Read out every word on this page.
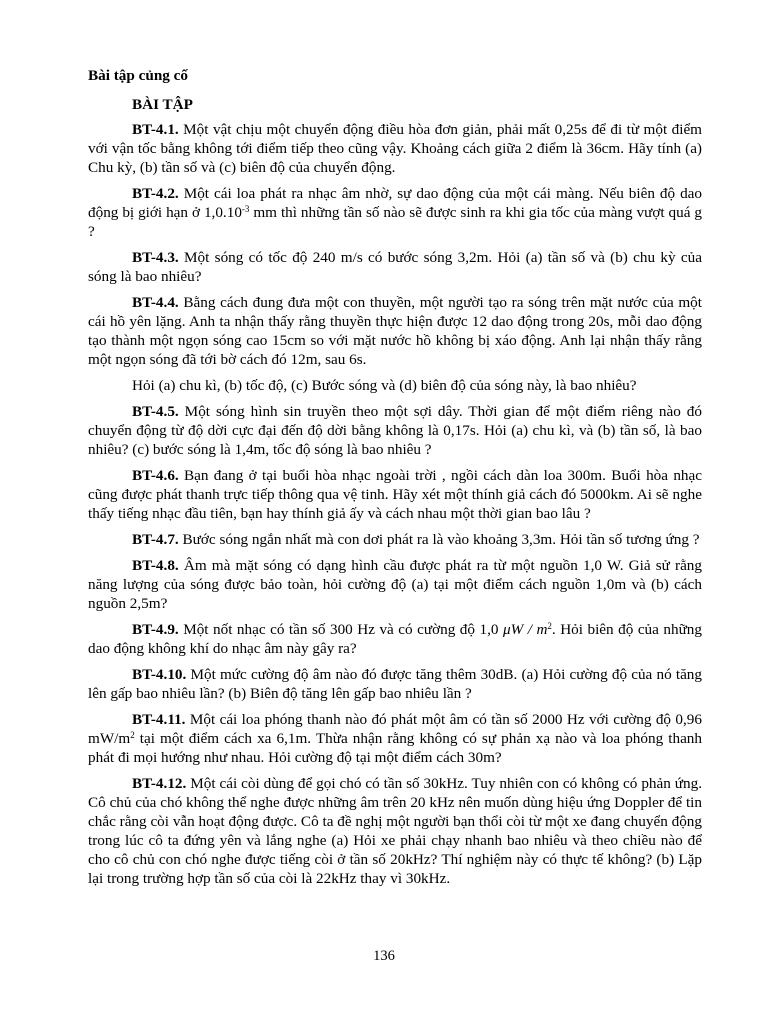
Bài tập củng cố

BÀI TẬP

BT-4.1. Một vật chịu một chuyển động điều hòa đơn giản, phải mất 0,25s để đi từ một điểm với vận tốc bằng không tới điểm tiếp theo cũng vậy. Khoảng cách giữa 2 điểm là 36cm. Hãy tính (a) Chu kỳ, (b) tần số và (c) biên độ của chuyển động.

BT-4.2. Một cái loa phát ra nhạc âm nhờ, sự dao động của một cái màng. Nếu biên độ dao động bị giới hạn ở $1,0.10^{-3}$ mm thì những tần số nào sẽ được sinh ra khi gia tốc của màng vượt quá g ?

BT-4.3. Một sóng có tốc độ 240 m/s có bước sóng 3,2m. Hỏi (a) tần số và (b) chu kỳ của sóng là bao nhiêu?

BT-4.4. Bằng cách đung đưa một con thuyền, một người tạo ra sóng trên mặt nước của một cái hồ yên lặng. Anh ta nhận thấy rằng thuyền thực hiện được 12 dao động trong 20s, mỗi dao động tạo thành một ngọn sóng cao 15cm so với mặt nước hồ không bị xáo động. Anh lại nhận thấy rằng một ngọn sóng đã tới bờ cách đó 12m, sau 6s.

Hỏi (a) chu kì, (b) tốc độ, (c) Bước sóng và (d) biên độ của sóng này, là bao nhiêu?

BT-4.5. Một sóng hình sin truyền theo một sợi dây. Thời gian để một điểm riêng nào đó chuyển động từ độ dời cực đại đến độ dời bằng không là 0,17s. Hỏi (a) chu kì, và (b) tần số, là bao nhiêu? (c) bước sóng là 1,4m, tốc độ sóng là bao nhiêu ?

BT-4.6. Bạn đang ở tại buổi hòa nhạc ngoài trời , ngồi cách dàn loa 300m. Buổi hòa nhạc cũng được phát thanh trực tiếp thông qua vệ tinh. Hãy xét một thính giả cách đó 5000km. Ai sẽ nghe thấy tiếng nhạc đầu tiên, bạn hay thính giả ấy và cách nhau một thời gian bao lâu ?

BT-4.7. Bước sóng ngắn nhất mà con dơi phát ra là vào khoảng 3,3m. Hỏi tần số tương ứng ?

BT-4.8. Âm mà mặt sóng có dạng hình cầu được phát ra từ một nguồn 1,0 W. Giả sử rằng năng lượng của sóng được bảo toàn, hỏi cường độ (a) tại một điểm cách nguồn 1,0m và (b) cách nguồn 2,5m?

BT-4.9. Một nốt nhạc có tần số 300 Hz và có cường độ 1,0 μW / $m^2$. Hỏi biên độ của những dao động không khí do nhạc âm này gây ra?

BT-4.10. Một mức cường độ âm nào đó được tăng thêm 30dB. (a) Hỏi cường độ của nó tăng lên gấp bao nhiêu lần? (b) Biên độ tăng lên gấp bao nhiêu lần ?

BT-4.11. Một cái loa phóng thanh nào đó phát một âm có tần số 2000 Hz với cường độ 0,96 $mW/m^2$ tại một điểm cách xa 6,1m. Thừa nhận rằng không có sự phản xạ nào và loa phóng thanh phát đi mọi hướng như nhau. Hỏi cường độ tại một điểm cách 30m?

BT-4.12. Một cái còi dùng để gọi chó có tần số 30kHz. Tuy nhiên con có không có phản ứng. Cô chủ của chó không thể nghe được những âm trên 20 kHz nên muốn dùng hiệu ứng Doppler để tin chắc rằng còi vẫn hoạt động được. Cô ta đề nghị một người bạn thổi còi từ một xe đang chuyển động trong lúc cô ta đứng yên và lắng nghe (a) Hỏi xe phải chạy nhanh bao nhiêu và theo chiều nào để cho cô chủ con chó nghe được tiếng còi ở tần số 20kHz? Thí nghiệm này có thực tế không? (b) Lặp lại trong trường hợp tần số của còi là 22kHz thay vì 30kHz.

136
